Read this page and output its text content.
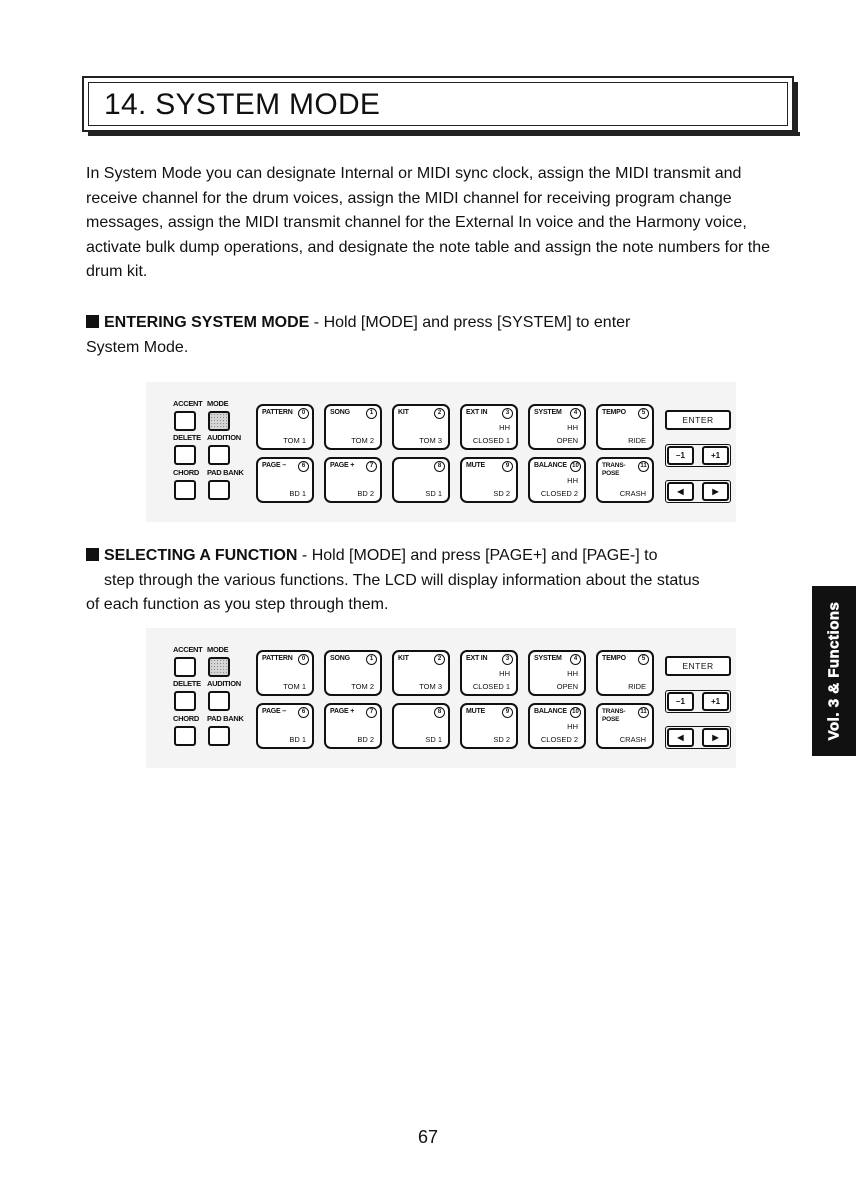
14. SYSTEM MODE

In System Mode you can designate Internal or MIDI sync clock, assign the MIDI transmit and receive channel for the drum voices, assign the MIDI channel for receiving program change messages, assign the MIDI transmit channel for the External In voice and the Harmony voice, activate bulk dump operations, and designate the note table and assign the note numbers for the drum kit.

ENTERING SYSTEM MODE - Hold [MODE] and press [SYSTEM] to enter
System Mode.
ACCENT MODE
DELETE AUDITION
CHORD PAD BANK
PATTERN	0
TOM 1
SONG	1
TOM 2
KIT	2
TOM 3
EXT IN	3
HH
CLOSED 1
SYSTEM	4
HH
OPEN
TEMPO	5
RIDE
PAGE –	6
BD 1
PAGE +	7
BD 2
8
SD 1
MUTE	9
SD 2
BALANCE 10
HH
CLOSED 2
TRANS-
POSE
11
CRASH
ENTER
–1	+1
◀	▶
SELECTING A FUNCTION - Hold [MODE] and press [PAGE+] and [PAGE-] to
step through the various functions. The LCD will display information about the status
of each function as you step through them.
ACCENT MODE
DELETE AUDITION
CHORD PAD BANK
PATTERN	0
TOM 1
SONG	1
TOM 2
KIT	2
TOM 3
EXT IN	3
HH
CLOSED 1
SYSTEM	4
HH
OPEN
TEMPO	5
RIDE
PAGE –	6
BD 1
PAGE +	7
BD 2
8
SD 1
MUTE	9
SD 2
BALANCE 10
HH
CLOSED 2
TRANS-
POSE
11
CRASH
ENTER
–1	+1
◀	▶	Vol. 3 & Functions
67
